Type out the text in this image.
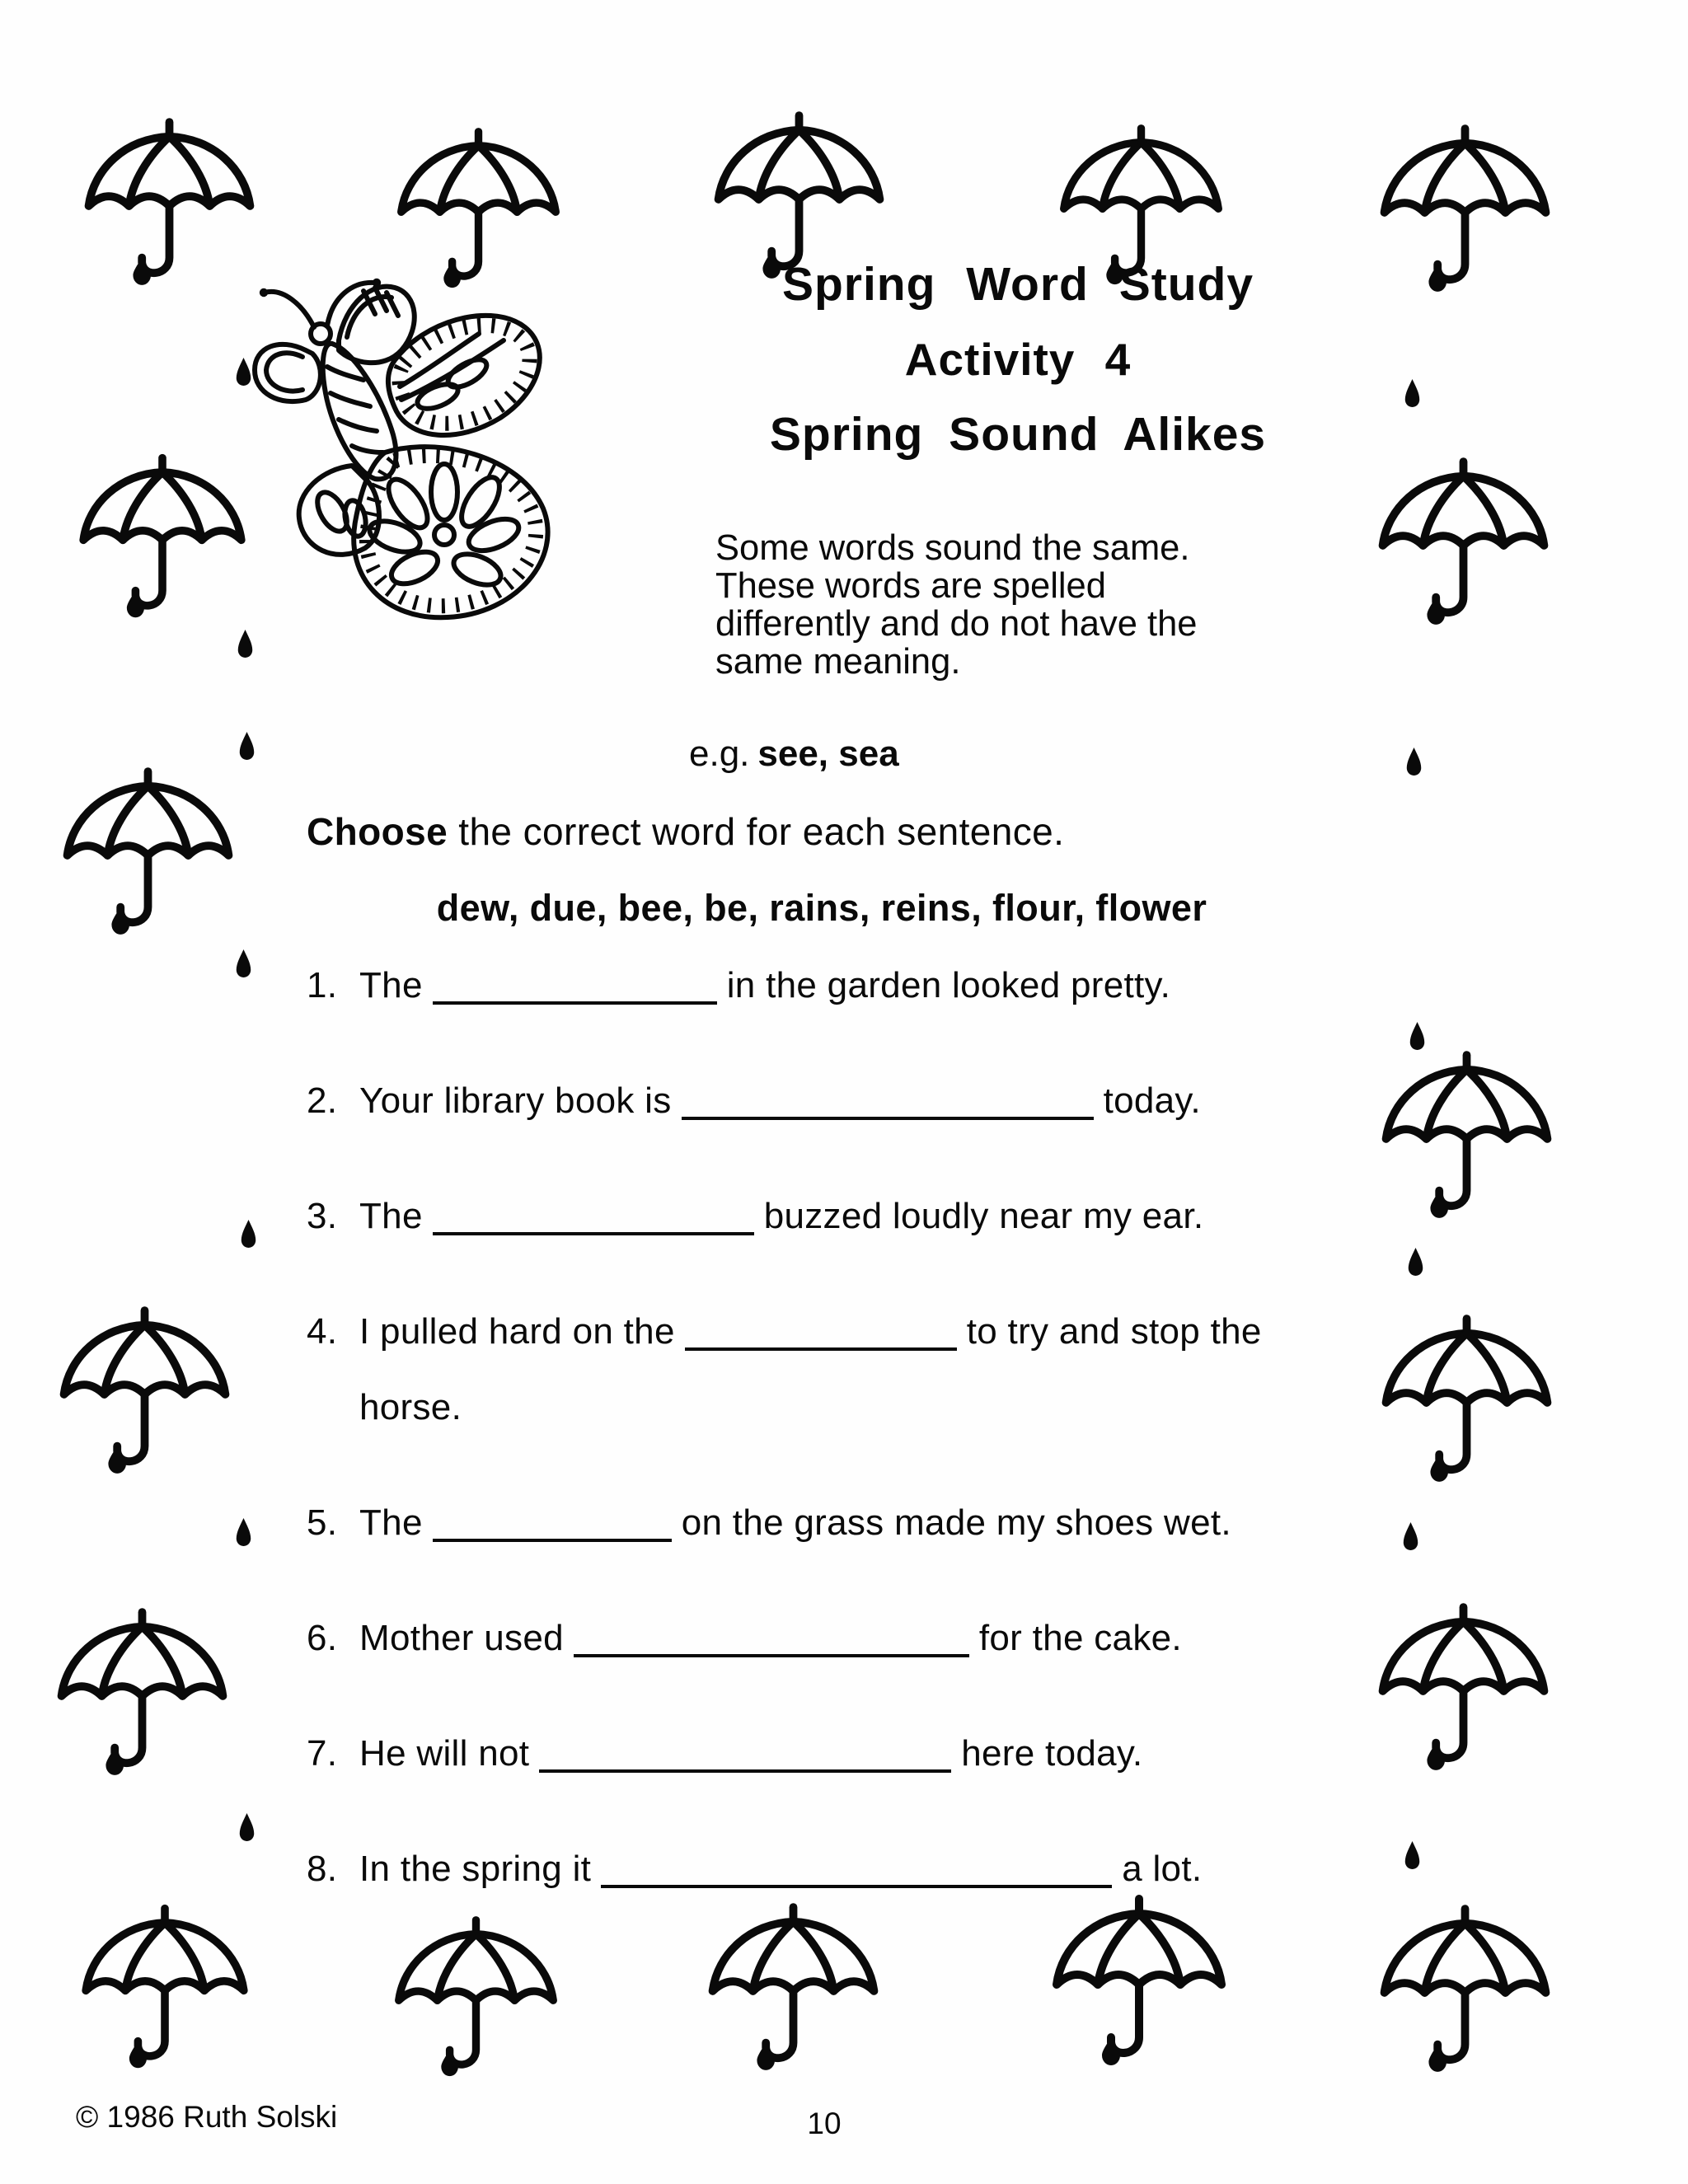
Spring Word Study
Activity 4
Spring Sound Alikes
Some words sound the same.
These words are spelled
differently and do not have the
same meaning.
e.g. see, sea
Choose the correct word for each sentence.
dew, due, bee, be, rains, reins, flour, flower
1. The	in the garden looked pretty.
2. Your library book is	today.
3. The	buzzed loudly near my ear.
4. I pulled hard on the	to try and stop the horse.
5. The	on the grass made my shoes wet.
6. Mother used	for the cake.
7. He will not	here today.
8. In the spring it	a lot.
© 1986 Ruth Solski	10
